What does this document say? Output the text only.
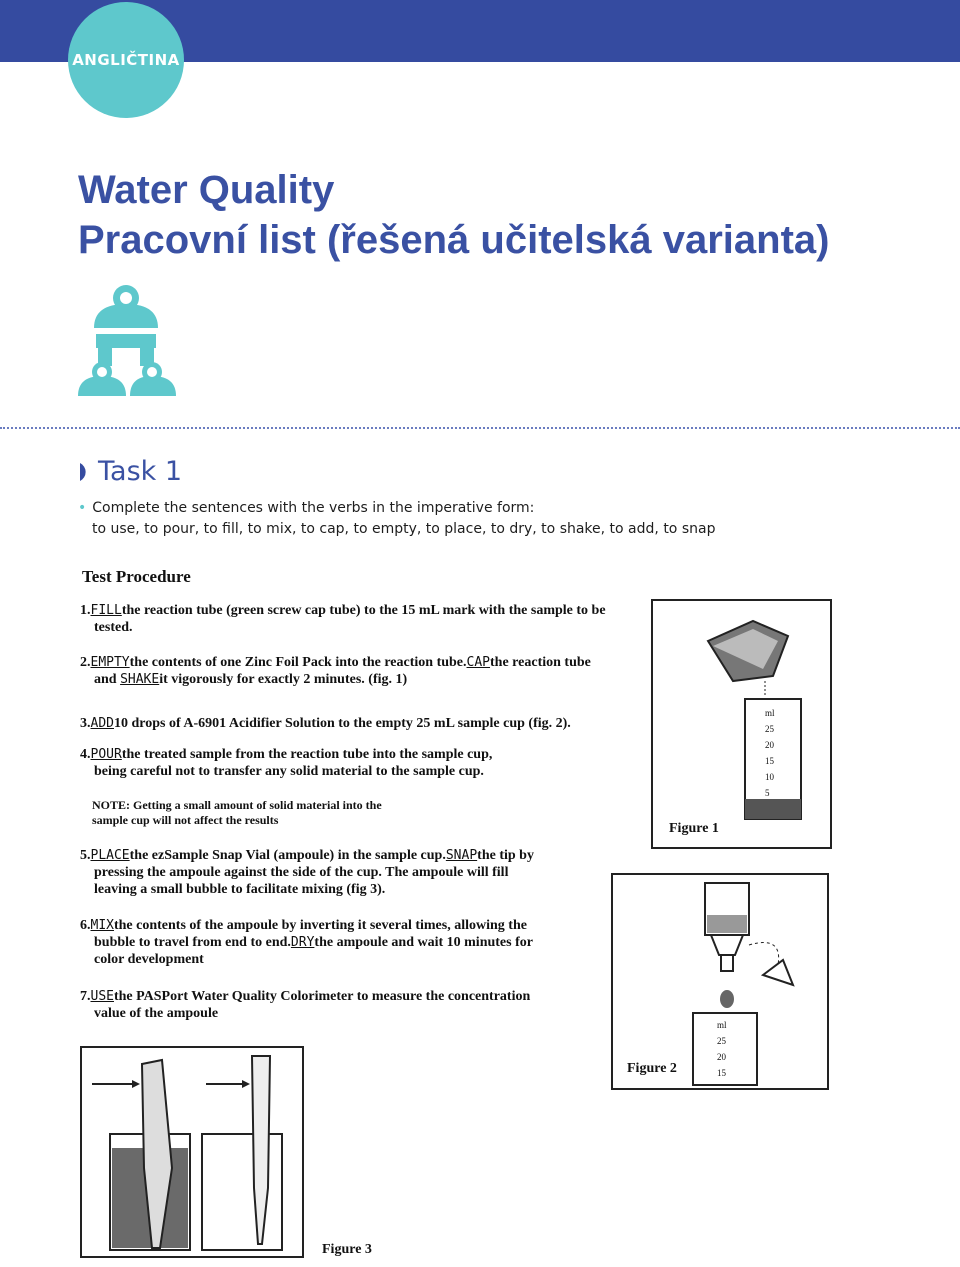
ANGLIČTINA
Water Quality
Pracovní list (řešená učitelská varianta)
Task 1
• Complete the sentences with the verbs in the imperative form:
to use, to pour, to fill, to mix, to cap, to empty, to place, to dry, to shake, to add, to snap
Test Procedure
1.FILLthe reaction tube (green screw cap tube) to the 15 mL mark with the sample to be
tested.
2.EMPTYthe contents of one Zinc Foil Pack into the reaction tube.CAPthe reaction tube
and SHAKEit vigorously for exactly 2 minutes. (fig. 1)
3.ADD10 drops of A-6901 Acidifier Solution to the empty 25 mL sample cup (fig. 2).
4.POURthe treated sample from the reaction tube into the sample cup,
being careful not to transfer any solid material to the sample cup.
NOTE: Getting a small amount of solid material into the
sample cup will not affect the results
5.PLACEthe ezSample Snap Vial (ampoule) in the sample cup.SNAPthe tip by
pressing the ampoule against the side of the cup. The ampoule will fill
leaving a small bubble to facilitate mixing (fig 3).
6.MIXthe contents of the ampoule by inverting it several times, allowing the
bubble to travel from end to end.DRYthe ampoule and wait 10 minutes for
color development
7.USEthe PASPort Water Quality Colorimeter to measure the concentration
value of the ampoule
ml
25
20
15
10
5
Figure 1
ml
25
20
15
Figure 2
Figure 3
